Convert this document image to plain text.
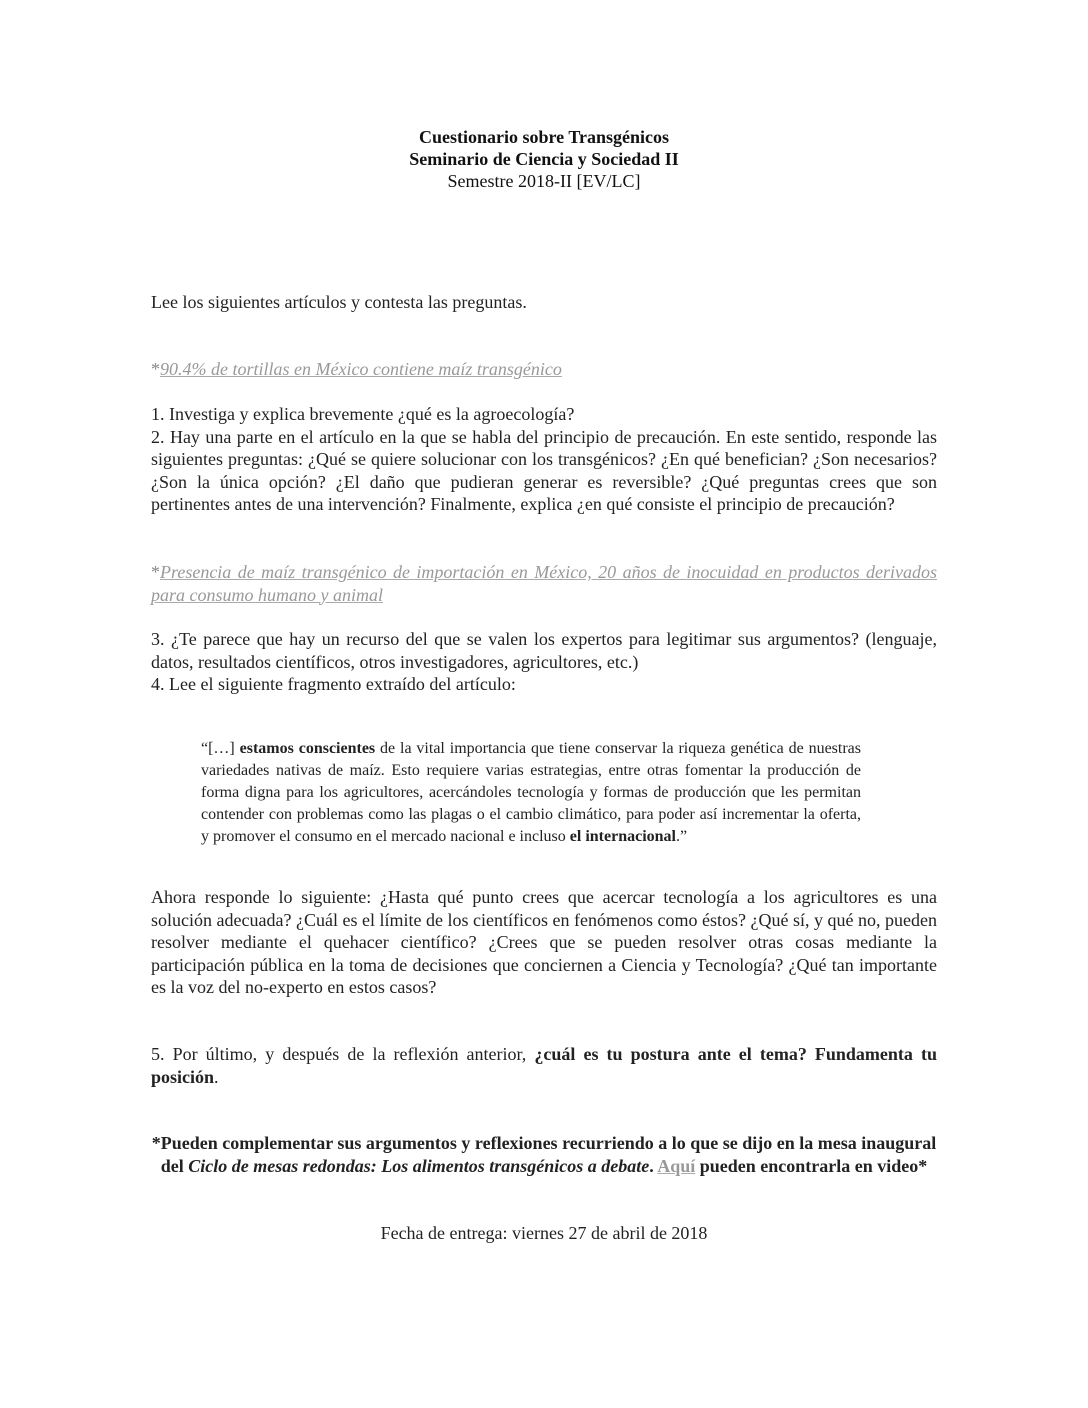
Cuestionario sobre Transgénicos
Seminario de Ciencia y Sociedad II
Semestre 2018-II [EV/LC]
Lee los siguientes artículos y contesta las preguntas.
*90.4% de tortillas en México contiene maíz transgénico
1. Investiga y explica brevemente ¿qué es la agroecología?
2. Hay una parte en el artículo en la que se habla del principio de precaución. En este sentido, responde las siguientes preguntas: ¿Qué se quiere solucionar con los transgénicos? ¿En qué benefician? ¿Son necesarios? ¿Son la única opción? ¿El daño que pudieran generar es reversible? ¿Qué preguntas crees que son pertinentes antes de una intervención? Finalmente, explica ¿en qué consiste el principio de precaución?
*Presencia de maíz transgénico de importación en México, 20 años de inocuidad en productos derivados para consumo humano y animal
3. ¿Te parece que hay un recurso del que se valen los expertos para legitimar sus argumentos? (lenguaje, datos, resultados científicos, otros investigadores, agricultores, etc.)
4. Lee el siguiente fragmento extraído del artículo:
“[…] estamos conscientes de la vital importancia que tiene conservar la riqueza genética de nuestras variedades nativas de maíz. Esto requiere varias estrategias, entre otras fomentar la producción de forma digna para los agricultores, acercándoles tecnología y formas de producción que les permitan contender con problemas como las plagas o el cambio climático, para poder así incrementar la oferta, y promover el consumo en el mercado nacional e incluso el internacional.”
Ahora responde lo siguiente: ¿Hasta qué punto crees que acercar tecnología a los agricultores es una solución adecuada? ¿Cuál es el límite de los científicos en fenómenos como éstos? ¿Qué sí, y qué no, pueden resolver mediante el quehacer científico? ¿Crees que se pueden resolver otras cosas mediante la participación pública en la toma de decisiones que conciernen a Ciencia y Tecnología? ¿Qué tan importante es la voz del no-experto en estos casos?
5. Por último, y después de la reflexión anterior, ¿cuál es tu postura ante el tema? Fundamenta tu posición.
*Pueden complementar sus argumentos y reflexiones recurriendo a lo que se dijo en la mesa inaugural del Ciclo de mesas redondas: Los alimentos transgénicos a debate. Aquí pueden encontrarla en video*
Fecha de entrega: viernes 27 de abril de 2018
